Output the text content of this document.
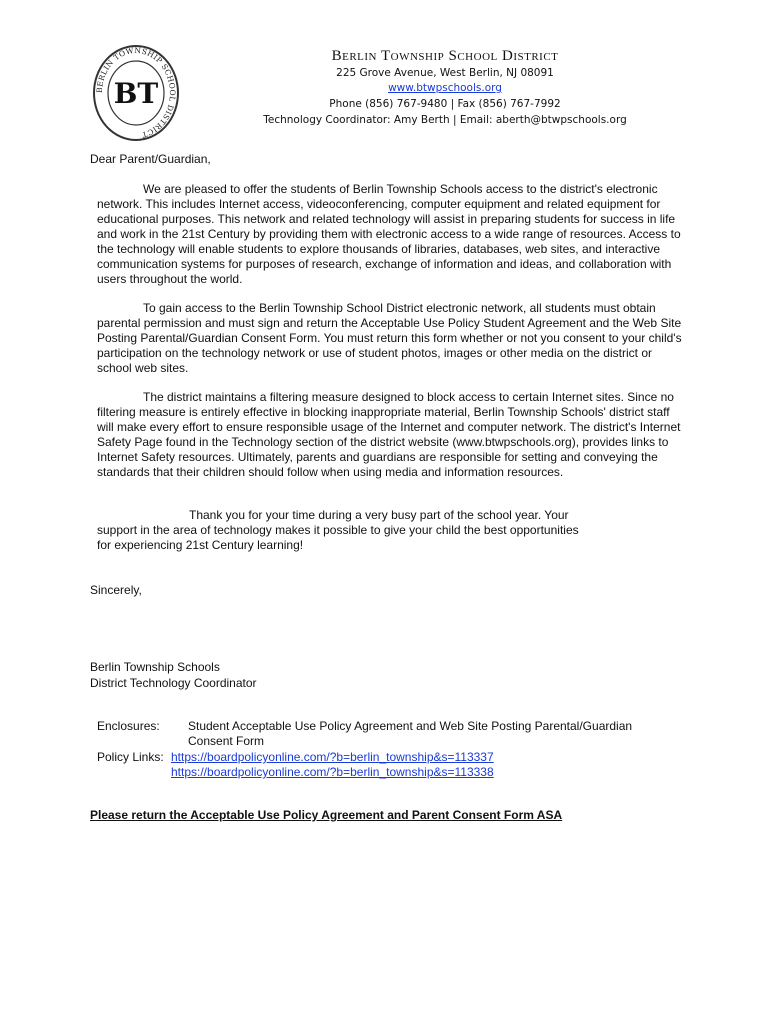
BERLIN TOWNSHIP SCHOOL DISTRICT
BT
Berlin Township School District
225 Grove Avenue, West Berlin, NJ 08091
www.btwpschools.org
Phone (856) 767-9480 | Fax (856) 767-7992
Technology Coordinator: Amy Berth | Email: aberth@btwpschools.org
Dear Parent/Guardian,
We are pleased to offer the students of Berlin Township Schools access to the district's electronic network. This includes Internet access, videoconferencing, computer equipment and related equipment for educational purposes. This network and related technology will assist in preparing students for success in life and work in the 21st Century by providing them with electronic access to a wide range of resources. Access to the technology will enable students to explore thousands of libraries, databases, web sites, and interactive communication systems for purposes of research, exchange of information and ideas, and collaboration with users throughout the world.
To gain access to the Berlin Township School District electronic network, all students must obtain parental permission and must sign and return the Acceptable Use Policy Student Agreement and the Web Site Posting Parental/Guardian Consent Form. You must return this form whether or not you consent to your child's participation on the technology network or use of student photos, images or other media on the district or school web sites.
The district maintains a filtering measure designed to block access to certain Internet sites. Since no filtering measure is entirely effective in blocking inappropriate material, Berlin Township Schools' district staff will make every effort to ensure responsible usage of the Internet and computer network. The district's Internet Safety Page found in the Technology section of the district website (www.btwpschools.org), provides links to Internet Safety resources. Ultimately, parents and guardians are responsible for setting and conveying the standards that their children should follow when using media and information resources.
Thank you for your time during a very busy part of the school year. Your
support in the area of technology makes it possible to give your child the best opportunities
for experiencing 21st Century learning!
Sincerely,
Berlin Township Schools
District Technology Coordinator
Enclosures: Student Acceptable Use Policy Agreement and Web Site Posting Parental/Guardian Consent Form
Policy Links: https://boardpolicyonline.com/?b=berlin_township&s=113337
https://boardpolicyonline.com/?b=berlin_township&s=113338
Please return the Acceptable Use Policy Agreement and Parent Consent Form ASA
